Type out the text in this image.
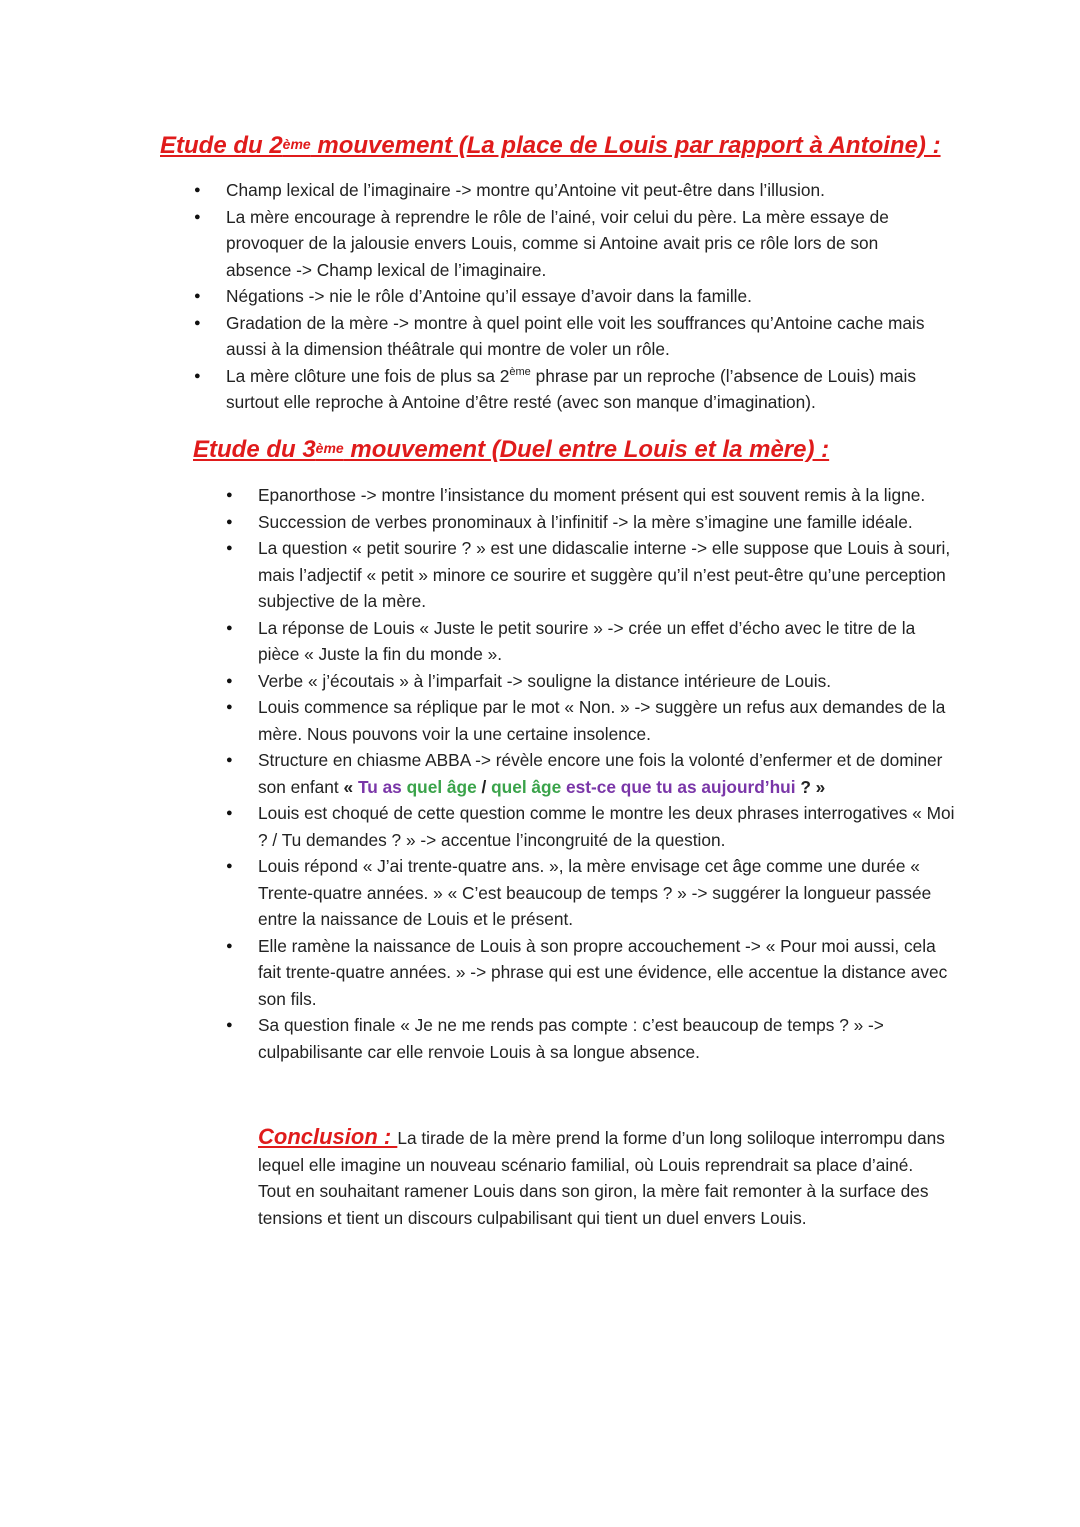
Etude du 2ème mouvement (La place de Louis par rapport à Antoine) :
● Champ lexical de l’imaginaire -> montre qu’Antoine vit peut-être dans l’illusion.
● La mère encourage à reprendre le rôle de l’ainé, voir celui du père. La mère essaye de provoquer de la jalousie envers Louis, comme si Antoine avait pris ce rôle lors de son absence -> Champ lexical de l’imaginaire.
● Négations -> nie le rôle d’Antoine qu’il essaye d’avoir dans la famille.
● Gradation de la mère -> montre à quel point elle voit les souffrances qu’Antoine cache mais aussi à la dimension théâtrale qui montre de voler un rôle.
● La mère clôture une fois de plus sa 2ème phrase par un reproche (l’absence de Louis) mais surtout elle reproche à Antoine d’être resté (avec son manque d’imagination).
Etude du 3ème mouvement (Duel entre Louis et la mère) :
● Epanorthose -> montre l’insistance du moment présent qui est souvent remis à la ligne.
● Succession de verbes pronominaux à l’infinitif -> la mère s’imagine une famille idéale.
● La question « petit sourire ? » est une didascalie interne -> elle suppose que Louis à souri, mais l’adjectif « petit » minore ce sourire et suggère qu’il n’est peut-être qu’une perception subjective de la mère.
● La réponse de Louis « Juste le petit sourire » -> crée un effet d’écho avec le titre de la pièce « Juste la fin du monde ».
● Verbe « j’écoutais » à l’imparfait -> souligne la distance intérieure de Louis.
● Louis commence sa réplique par le mot « Non. » -> suggère un refus aux demandes de la mère. Nous pouvons voir la une certaine insolence.
● Structure en chiasme ABBA -> révèle encore une fois la volonté d’enfermer et de dominer son enfant « Tu as quel âge / quel âge est-ce que tu as aujourd’hui ? »
● Louis est choqué de cette question comme le montre les deux phrases interrogatives « Moi ? / Tu demandes ? » -> accentue l’incongruité de la question.
● Louis répond « J’ai trente-quatre ans. », la mère envisage cet âge comme une durée « Trente-quatre années. » « C’est beaucoup de temps ? » -> suggérer la longueur passée entre la naissance de Louis et le présent.
● Elle ramène la naissance de Louis à son propre accouchement -> « Pour moi aussi, cela fait trente-quatre années. » -> phrase qui est une évidence, elle accentue la distance avec son fils.
● Sa question finale « Je ne me rends pas compte : c’est beaucoup de temps ? » -> culpabilisante car elle renvoie Louis à sa longue absence.
Conclusion : La tirade de la mère prend la forme d’un long soliloque interrompu dans lequel elle imagine un nouveau scénario familial, où Louis reprendrait sa place d’ainé. Tout en souhaitant ramener Louis dans son giron, la mère fait remonter à la surface des tensions et tient un discours culpabilisant qui tient un duel envers Louis.
